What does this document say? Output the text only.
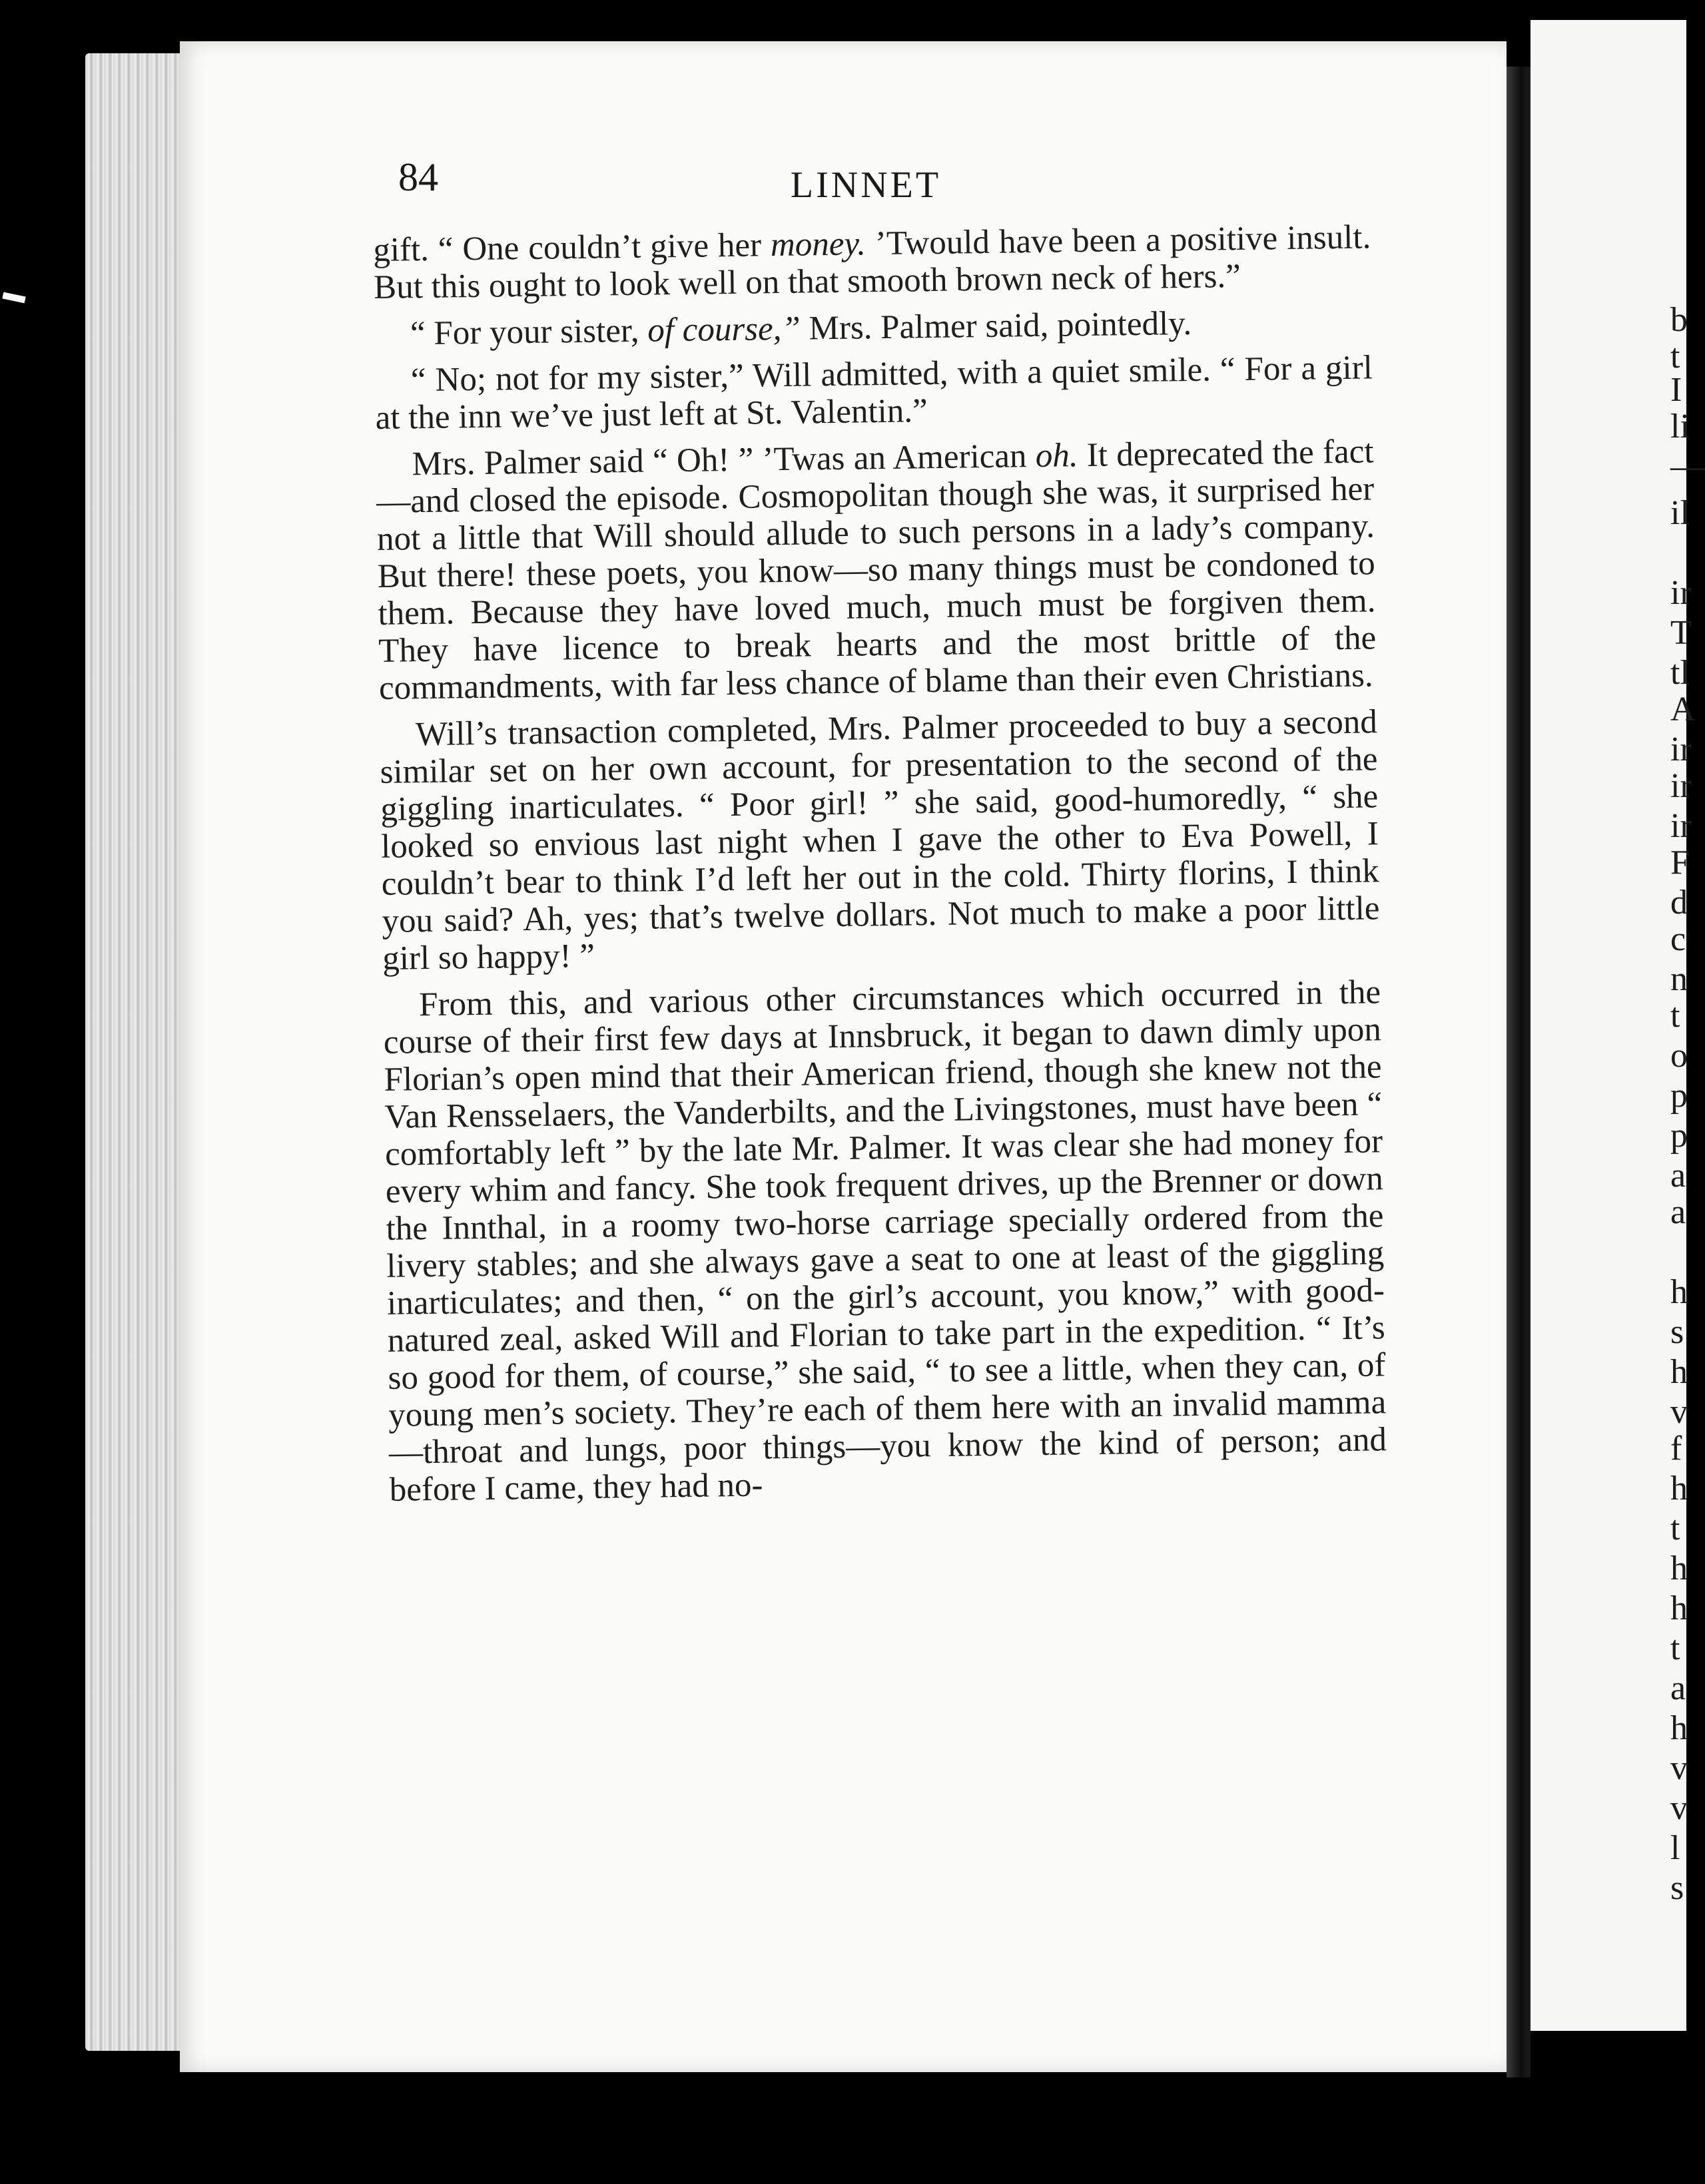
84	LINNET

gift. “ One couldn’t give her money. ’Twould have been a positive insult. But this ought to look well on that smooth brown neck of hers.”

“ For your sister, of course,” Mrs. Palmer said, pointedly.

“ No; not for my sister,” Will admitted, with a quiet smile. “ For a girl at the inn we’ve just left at St. Valentin.”

Mrs. Palmer said “ Oh! ” ’Twas an American oh. It deprecated the fact—and closed the episode. Cosmopolitan though she was, it surprised her not a little that Will should allude to such persons in a lady’s company. But there! these poets, you know—so many things must be condoned to them. Because they have loved much, much must be forgiven them. They have licence to break hearts and the most brittle of the commandments, with far less chance of blame than their even Christians.

Will’s transaction completed, Mrs. Palmer proceeded to buy a second similar set on her own account, for presentation to the second of the giggling inarticulates. “ Poor girl! ” she said, good-humoredly, “ she looked so envious last night when I gave the other to Eva Powell, I couldn’t bear to think I’d left her out in the cold. Thirty florins, I think you said? Ah, yes; that’s twelve dollars. Not much to make a poor little girl so happy! ”

From this, and various other circumstances which occurred in the course of their first few days at Innsbruck, it began to dawn dimly upon Florian’s open mind that their American friend, though she knew not the Van Rensselaers, the Vanderbilts, and the Livingstones, must have been “ comfortably left ” by the late Mr. Palmer. It was clear she had money for every whim and fancy. She took frequent drives, up the Brenner or down the Innthal, in a roomy two-horse carriage specially ordered from the livery stables; and she always gave a seat to one at least of the giggling inarticulates; and then, “ on the girl’s account, you know,” with good-natured zeal, asked Will and Florian to take part in the expedition. “ It’s so good for them, of course,” she said, “ to see a little, when they can, of young men’s society. They’re each of them here with an invalid mamma—throat and lungs, poor things—you know the kind of person; and before I came, they had no-

b
t
I
li
—
il
ir
T
tl
A
ir
ir
ir
F
d
c
n
t
o
p
p
a
a
h
s
h
v
f
h
t
h
h
t
a
h
v
v
l
s
